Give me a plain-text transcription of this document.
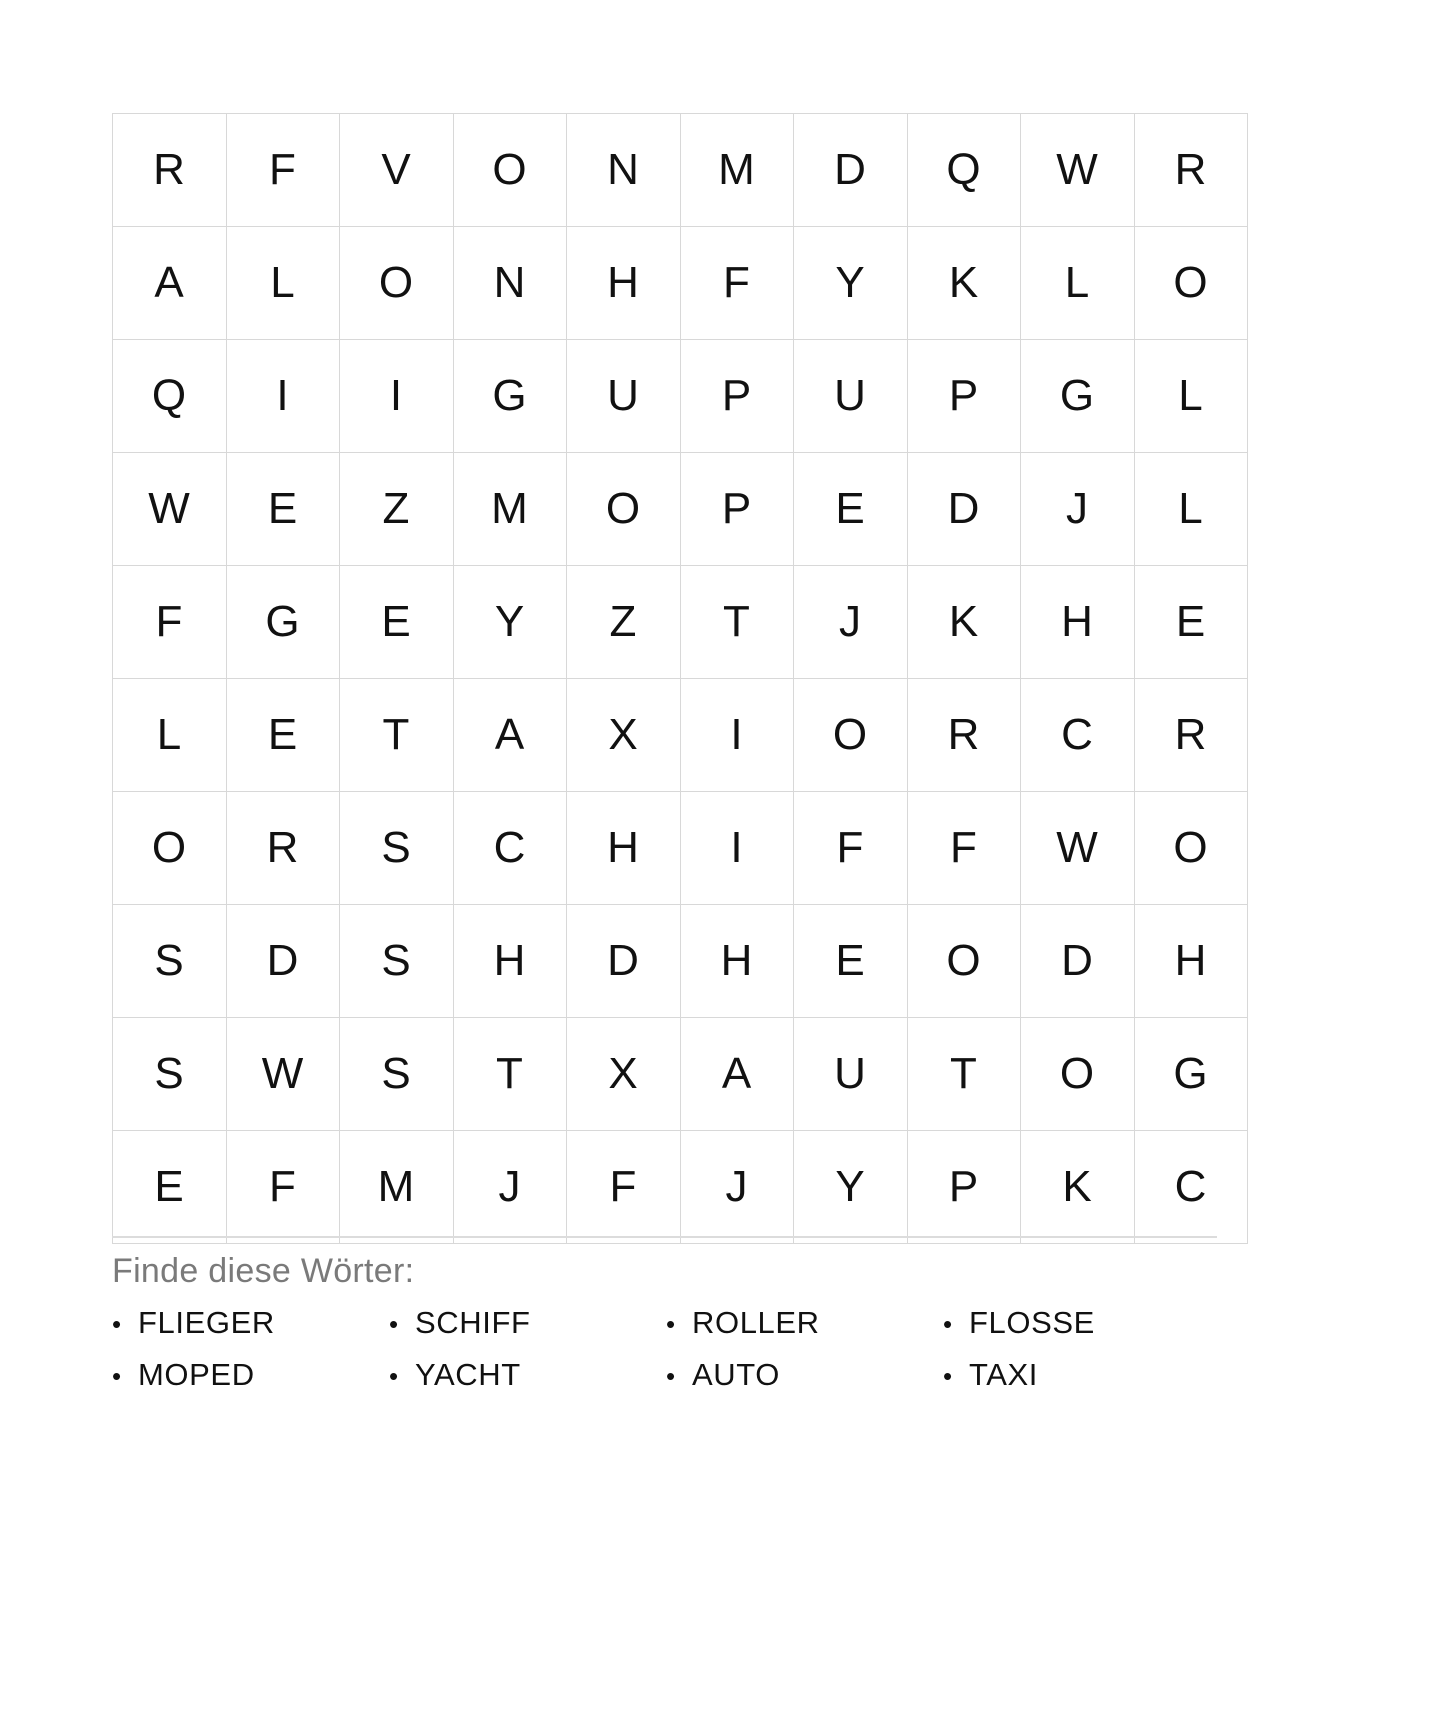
R	F	V	O	N	M	D	Q	W	R
A	L	O	N	H	F	Y	K	L	O
Q	I	I	G	U	P	U	P	G	L
W	E	Z	M	O	P	E	D	J	L
F	G	E	Y	Z	T	J	K	H	E
L	E	T	A	X	I	O	R	C	R
O	R	S	C	H	I	F	F	W	O
S	D	S	H	D	H	E	O	D	H
S	W	S	T	X	A	U	T	O	G
E	F	M	J	F	J	Y	P	K	C

Finde diese Wörter:

• FLIEGER	• SCHIFF	• ROLLER	• FLOSSE
• MOPED	• YACHT	• AUTO	• TAXI
